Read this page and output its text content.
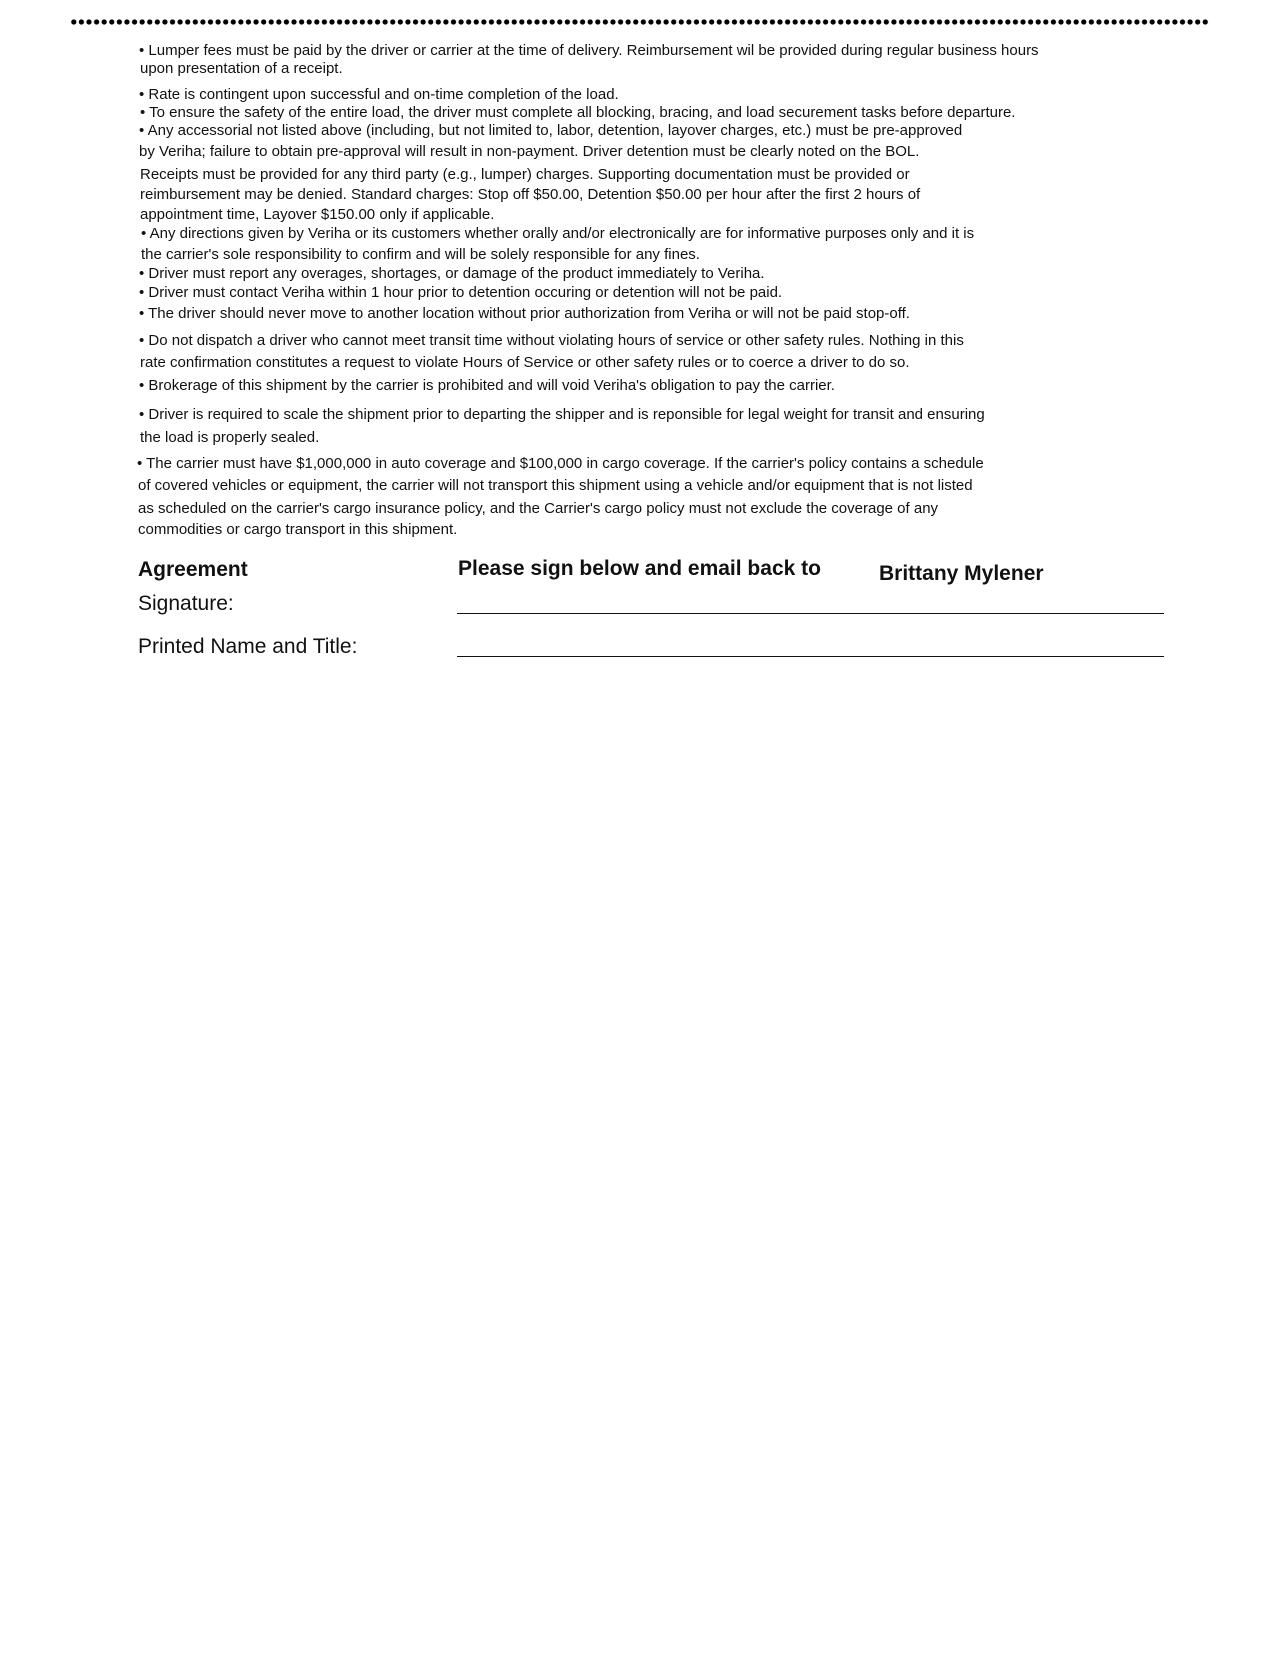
• Lumper fees must be paid by the driver or carrier at the time of delivery. Reimbursement wil be provided during regular business hours

upon presentation of a receipt.

• Rate is contingent upon successful and on-time completion of the load.

• To ensure the safety of the entire load, the driver must complete all blocking, bracing, and load securement tasks before departure.

• Any accessorial not listed above (including, but not limited to, labor, detention, layover charges, etc.) must be pre-approved

by Veriha; failure to obtain pre-approval will result in non-payment. Driver detention must be clearly noted on the BOL.

Receipts must be provided for any third party (e.g., lumper) charges. Supporting documentation must be provided or

reimbursement may be denied. Standard charges: Stop off $50.00, Detention $50.00 per hour after the first 2 hours of

appointment time, Layover $150.00 only if applicable.

• Any directions given by Veriha or its customers whether orally and/or electronically are for informative purposes only and it is

the carrier's sole responsibility to confirm and will be solely responsible for any fines.

• Driver must report any overages, shortages, or damage of the product immediately to Veriha.

• Driver must contact Veriha within 1 hour prior to detention occuring or detention will not be paid.

• The driver should never move to another location without prior authorization from Veriha or will not be paid stop-off.

• Do not dispatch a driver who cannot meet transit time without violating hours of service or other safety rules. Nothing in this

rate confirmation constitutes a request to violate Hours of Service or other safety rules or to coerce a driver to do so.

• Brokerage of this shipment by the carrier is prohibited and will void Veriha's obligation to pay the carrier.

• Driver is required to scale the shipment prior to departing the shipper and is reponsible for legal weight for transit and ensuring

the load is properly sealed.

• The carrier must have $1,000,000 in auto coverage and $100,000 in cargo coverage. If the carrier's policy contains a schedule

of covered vehicles or equipment, the carrier will not transport this shipment using a vehicle and/or equipment that is not listed

as scheduled on the carrier's cargo insurance policy, and the Carrier's cargo policy must not exclude the coverage of any

commodities or cargo transport in this shipment.

Agreement	Please sign below and email back to	Brittany Mylener

Signature:

Printed Name and Title:
